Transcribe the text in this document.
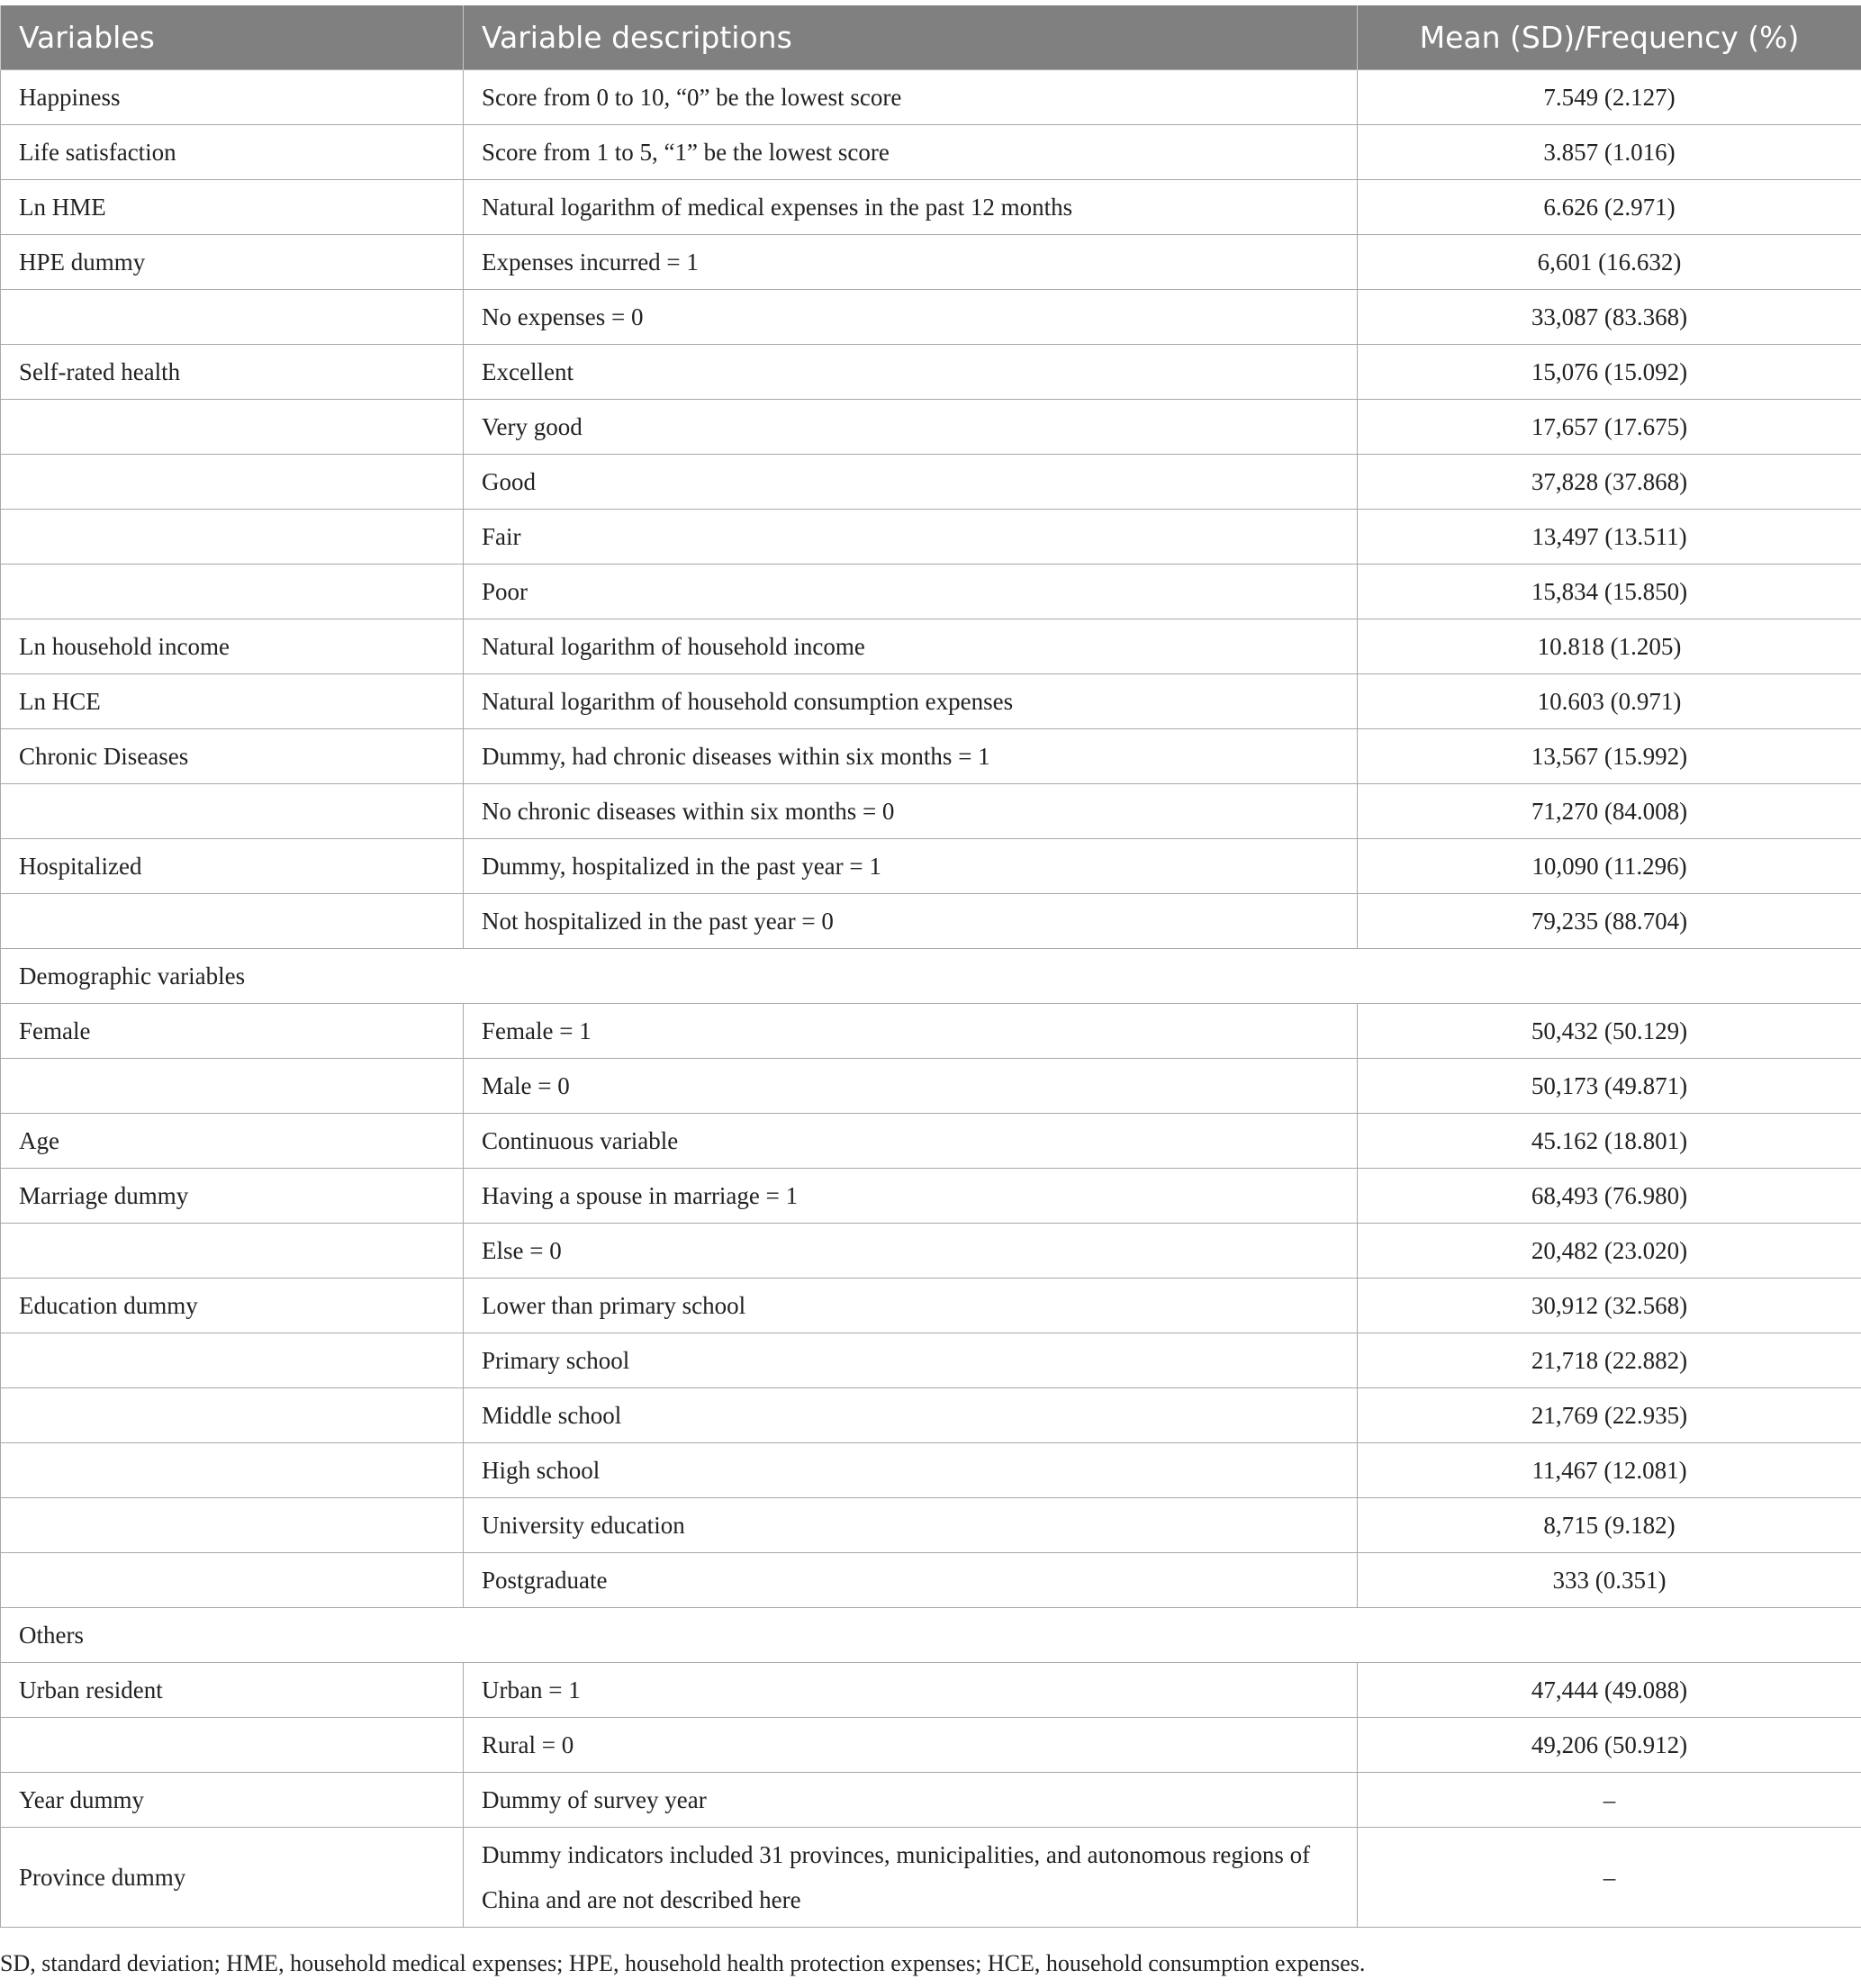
Variables	Variable descriptions	Mean (SD)/Frequency (%)
Happiness	Score from 0 to 10, “0” be the lowest score	7.549 (2.127)
Life satisfaction	Score from 1 to 5, “1” be the lowest score	3.857 (1.016)
Ln HME	Natural logarithm of medical expenses in the past 12 months	6.626 (2.971)
HPE dummy	Expenses incurred = 1	6,601 (16.632)
	No expenses = 0	33,087 (83.368)
Self-rated health	Excellent	15,076 (15.092)
	Very good	17,657 (17.675)
	Good	37,828 (37.868)
	Fair	13,497 (13.511)
	Poor	15,834 (15.850)
Ln household income	Natural logarithm of household income	10.818 (1.205)
Ln HCE	Natural logarithm of household consumption expenses	10.603 (0.971)
Chronic Diseases	Dummy, had chronic diseases within six months = 1	13,567 (15.992)
	No chronic diseases within six months = 0	71,270 (84.008)
Hospitalized	Dummy, hospitalized in the past year = 1	10,090 (11.296)
	Not hospitalized in the past year = 0	79,235 (88.704)
Demographic variables		
Female	Female = 1	50,432 (50.129)
	Male = 0	50,173 (49.871)
Age	Continuous variable	45.162 (18.801)
Marriage dummy	Having a spouse in marriage = 1	68,493 (76.980)
	Else = 0	20,482 (23.020)
Education dummy	Lower than primary school	30,912 (32.568)
	Primary school	21,718 (22.882)
	Middle school	21,769 (22.935)
	High school	11,467 (12.081)
	University education	8,715 (9.182)
	Postgraduate	333 (0.351)
Others		
Urban resident	Urban = 1	47,444 (49.088)
	Rural = 0	49,206 (50.912)
Year dummy	Dummy of survey year	–
Province dummy	Dummy indicators included 31 provinces, municipalities, and autonomous regions of China and are not described here	–
SD, standard deviation; HME, household medical expenses; HPE, household health protection expenses; HCE, household consumption expenses.
